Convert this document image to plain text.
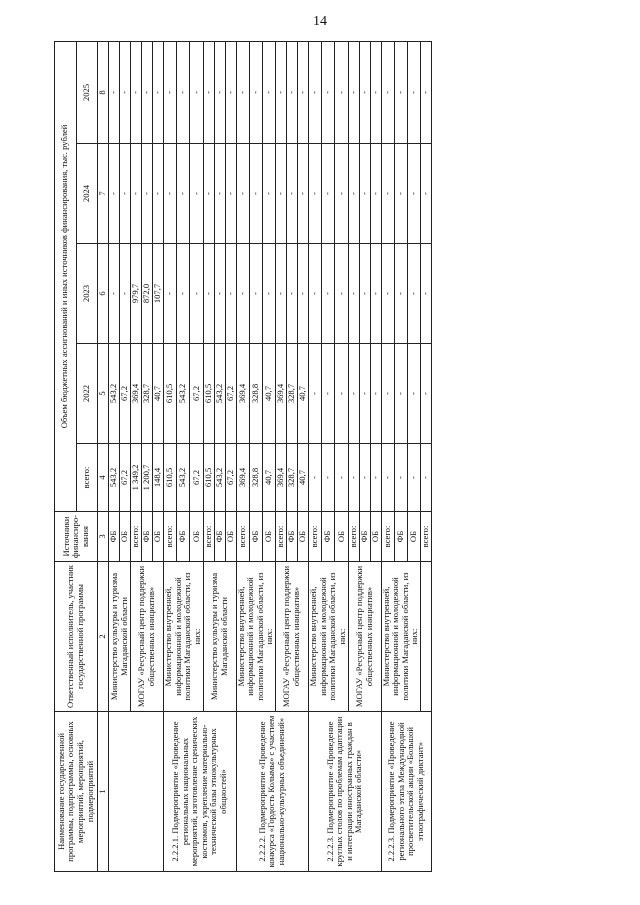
14
Наименование государственной программы, подпрограммы, основных мероприятий, мероприятий, подмероприятий	Ответственный исполнитель, участник государственной программы	Источники финансиро-вания	Объем бюджетных ассигнований и иных источников финансирования, тыс. рублей				
			всего:	2022	2023	2024	2025
1	2	3	4	5	6	7	8
	Министерство культуры и туризма Магаданской области	ФБ	543,2	543,2	-	-	-
		ОБ	67,2	67,2	-	-	-
	МОГАУ «Ресурсный центр поддержки общественных инициатив»	всего:	1 349,2	369,4	979,7	-	-
		ФБ	1 200,7	328,7	872,0	-	-
		ОБ	148,4	40,7	107,7	-	-
2.2.2.1. Подмероприятие «Проведение региональных национальных мероприятий, изготовление сценических костюмов, укрепление материально-технической базы этнокультурных общностей»	Министерство внутренней, информационной и молодежной политики Магаданской области, из них:	всего:	610,5	610,5	-	-	-
		ФБ	543,2	543,2	-	-	-
		ОБ	67,2	67,2	-	-	-
	Министерство культуры и туризма Магаданской области	всего:	610,5	610,5	-	-	-
		ФБ	543,2	543,2	-	-	-
		ОБ	67,2	67,2	-	-	-
2.2.2.2. Подмероприятие «Проведение конкурса «Гордость Колымы» с участием национально-культурных объединений»	Министерство внутренней, информационной и молодежной политики Магаданской области, из них:	всего:	369,4	369,4	-	-	-
		ФБ	328,8	328,8	-	-	-
		ОБ	40,7	40,7	-	-	-
	МОГАУ «Ресурсный центр поддержки общественных инициатив»	всего:	369,4	369,4	-	-	-
		ФБ	328,7	328,7	-	-	-
		ОБ	40,7	40,7	-	-	-
2.2.2.3. Подмероприятие «Проведение круглых столов по проблемам адаптации и интеграции иностранных граждан в Магаданской области»	Министерство внутренней, информационной и молодежной политики Магаданской области, из них:	всего:	-	-	-	-	-
		ФБ	-	-	-	-	-
		ОБ	-	-	-	-	-
	МОГАУ «Ресурсный центр поддержки общественных инициатив»	всего:	-	-	-	-	-
		ФБ	-	-	-	-	-
		ОБ	-	-	-	-	-
2.2.2.3. Подмероприятие «Проведение регионального этапа Международной просветительской акции «Большой этнографический диктант»	Министерство внутренней, информационной и молодежной политики Магаданской области, из них:	всего:	-	-	-	-	-
		ФБ	-	-	-	-	-
		ОБ	-	-	-	-	-
		всего:	-	-	-	-	-
